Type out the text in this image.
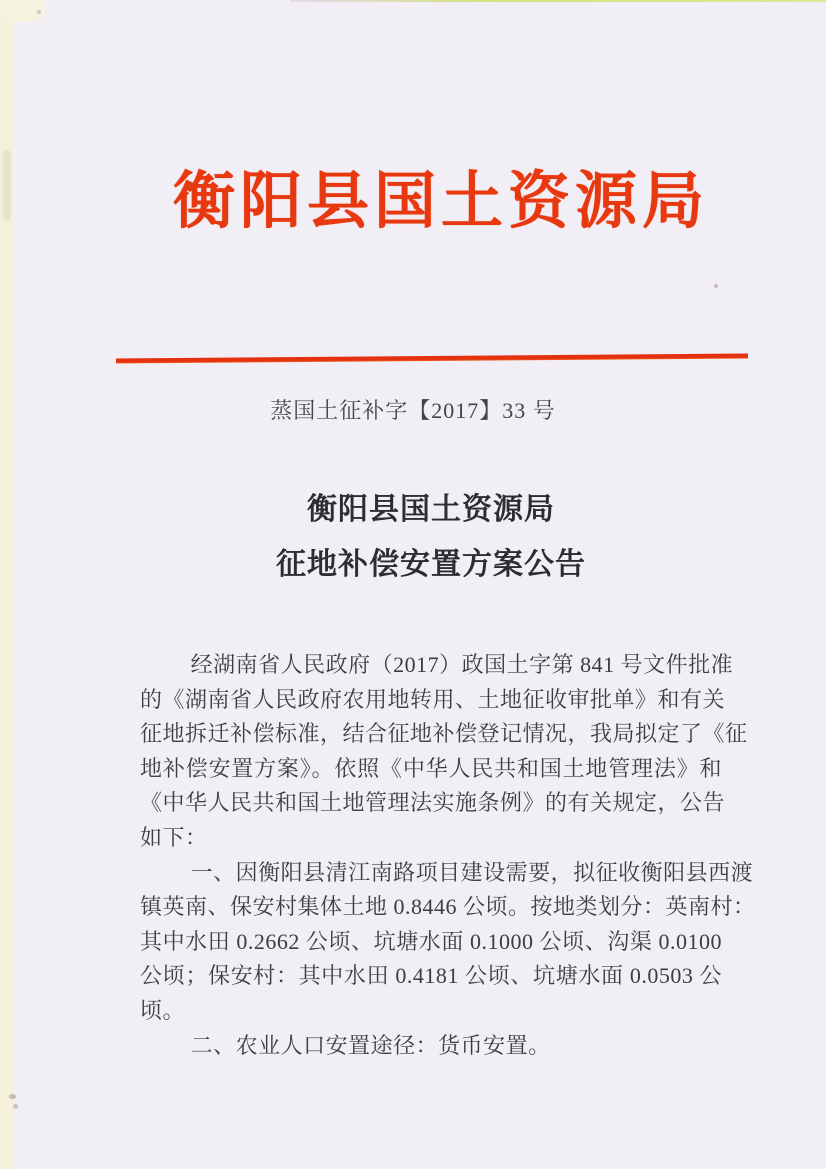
衡阳县国土资源局
蒸国土征补字【2017】33 号
衡阳县国土资源局
征地补偿安置方案公告
经湖南省人民政府（2017）政国土字第 841 号文件批准
的《湖南省人民政府农用地转用、土地征收审批单》和有关
征地拆迁补偿标准，结合征地补偿登记情况，我局拟定了《征
地补偿安置方案》。依照《中华人民共和国土地管理法》和
《中华人民共和国土地管理法实施条例》的有关规定，公告
如下：
一、因衡阳县清江南路项目建设需要，拟征收衡阳县西渡
镇英南、保安村集体土地 0.8446 公顷。按地类划分：英南村：
其中水田 0.2662 公顷、坑塘水面 0.1000 公顷、沟渠 0.0100
公顷；保安村：其中水田 0.4181 公顷、坑塘水面 0.0503 公
顷。
二、农业人口安置途径：货币安置。
